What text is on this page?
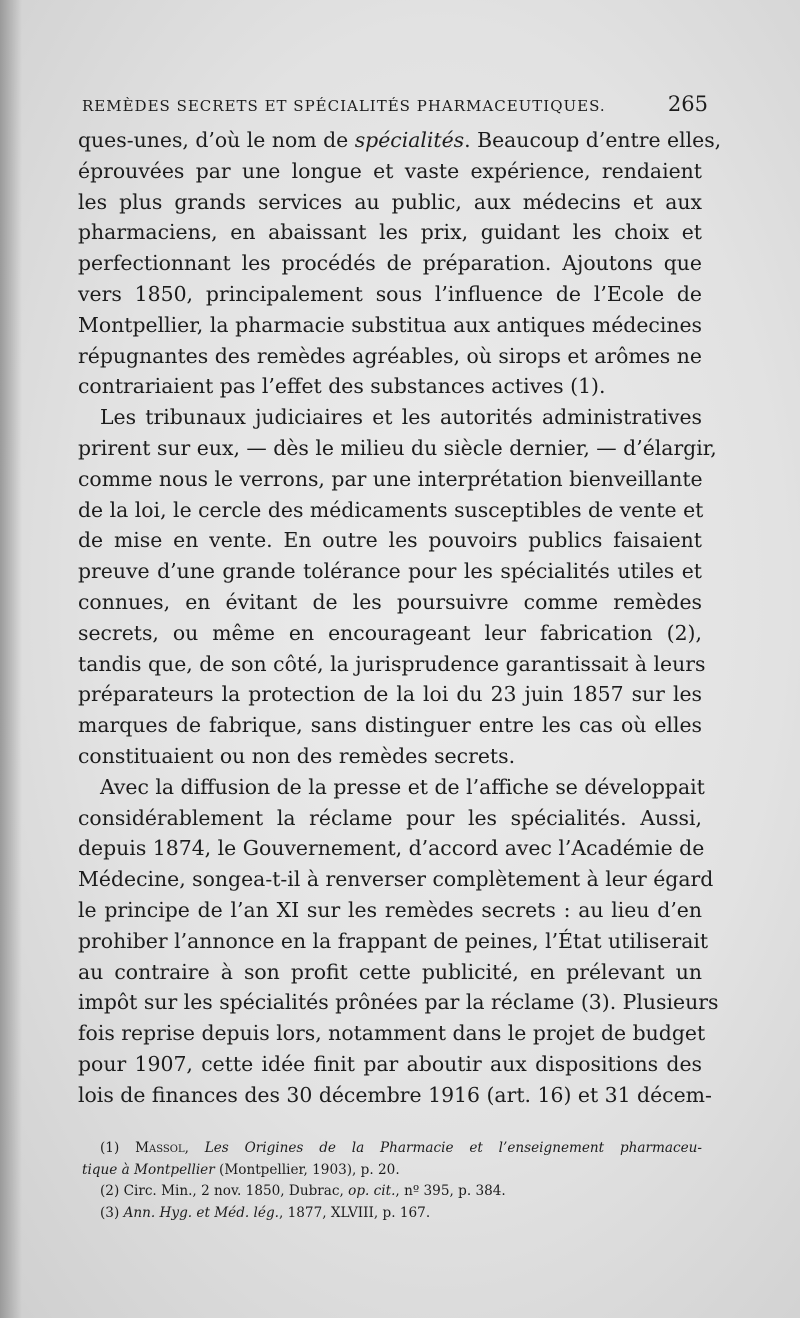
REMÈDES SECRETS ET SPÉCIALITÉS PHARMACEUTIQUES.	265
ques-unes, d’où le nom de spécialités. Beaucoup d’entre elles,
éprouvées par une longue et vaste expérience, rendaient
les plus grands services au public, aux médecins et aux
pharmaciens, en abaissant les prix, guidant les choix et
perfectionnant les procédés de préparation. Ajoutons que
vers 1850, principalement sous l’influence de l’Ecole de
Montpellier, la pharmacie substitua aux antiques médecines
répugnantes des remèdes agréables, où sirops et arômes ne
contrariaient pas l’effet des substances actives (1).
Les tribunaux judiciaires et les autorités administratives
prirent sur eux, — dès le milieu du siècle dernier, — d’élargir,
comme nous le verrons, par une interprétation bienveillante
de la loi, le cercle des médicaments susceptibles de vente et
de mise en vente. En outre les pouvoirs publics faisaient
preuve d’une grande tolérance pour les spécialités utiles et
connues, en évitant de les poursuivre comme remèdes
secrets, ou même en encourageant leur fabrication (2),
tandis que, de son côté, la jurisprudence garantissait à leurs
préparateurs la protection de la loi du 23 juin 1857 sur les
marques de fabrique, sans distinguer entre les cas où elles
constituaient ou non des remèdes secrets.
Avec la diffusion de la presse et de l’affiche se développait
considérablement la réclame pour les spécialités. Aussi,
depuis 1874, le Gouvernement, d’accord avec l’Académie de
Médecine, songea-t-il à renverser complètement à leur égard
le principe de l’an XI sur les remèdes secrets : au lieu d’en
prohiber l’annonce en la frappant de peines, l’État utiliserait
au contraire à son profit cette publicité, en prélevant un
impôt sur les spécialités prônées par la réclame (3). Plusieurs
fois reprise depuis lors, notamment dans le projet de budget
pour 1907, cette idée finit par aboutir aux dispositions des
lois de finances des 30 décembre 1916 (art. 16) et 31 décem-
(1) Massol, Les Origines de la Pharmacie et l’enseignement pharmaceu-
tique à Montpellier (Montpellier, 1903), p. 20.
(2) Circ. Min., 2 nov. 1850, Dubrac, op. cit., nº 395, p. 384.
(3) Ann. Hyg. et Méd. lég., 1877, XLVIII, p. 167.
